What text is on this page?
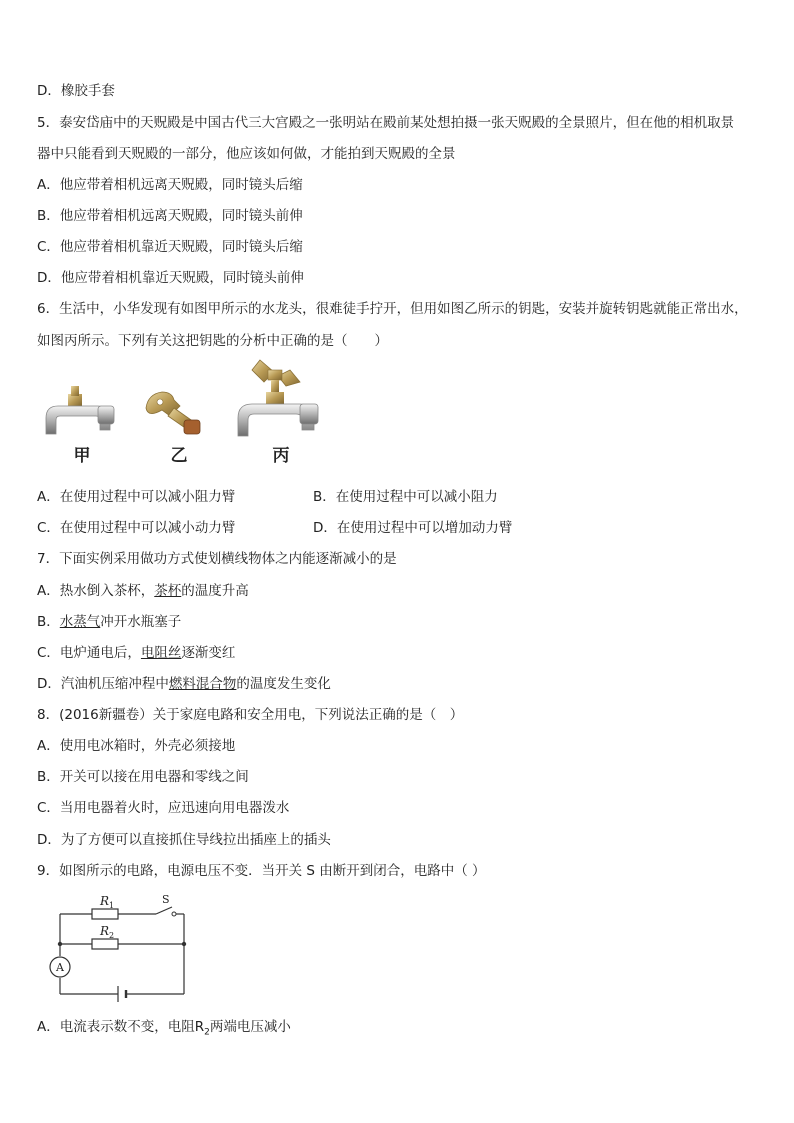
D．橡胶手套
5．泰安岱庙中的天贶殿是中国古代三大宫殿之一张明站在殿前某处想拍摄一张天贶殿的全景照片，但在他的相机取景
器中只能看到天贶殿的一部分，他应该如何做，才能拍到天贶殿的全景
A．他应带着相机远离天贶殿，同时镜头后缩
B．他应带着相机远离天贶殿，同时镜头前伸
C．他应带着相机靠近天贶殿，同时镜头后缩
D．他应带着相机靠近天贶殿，同时镜头前伸
6．生活中，小华发现有如图甲所示的水龙头，很难徒手拧开，但用如图乙所示的钥匙，安装并旋转钥匙就能正常出水，
如图丙所示。下列有关这把钥匙的分析中正确的是（　　）
甲	乙	丙
A．在使用过程中可以减小阻力臂	B．在使用过程中可以减小阻力
C．在使用过程中可以减小动力臂	D．在使用过程中可以增加动力臂
7．下面实例采用做功方式使划横线物体之内能逐渐减小的是
A．热水倒入茶杯，茶杯的温度升高
B．水蒸气冲开水瓶塞子
C．电炉通电后，电阻丝逐渐变红
D．汽油机压缩冲程中燃料混合物的温度发生变化
8．(2016新疆卷）关于家庭电路和安全用电，下列说法正确的是（　）
A．使用电冰箱时，外壳必须接地
B．开关可以接在用电器和零线之间
C．当用电器着火时，应迅速向用电器泼水
D．为了方便可以直接抓住导线拉出插座上的插头
9．如图所示的电路，电源电压不变．当开关 S 由断开到闭合，电路中（ ）
A
$R_1$
$R_2$
S
A．电流表示数不变，电阻$R_2$两端电压减小
